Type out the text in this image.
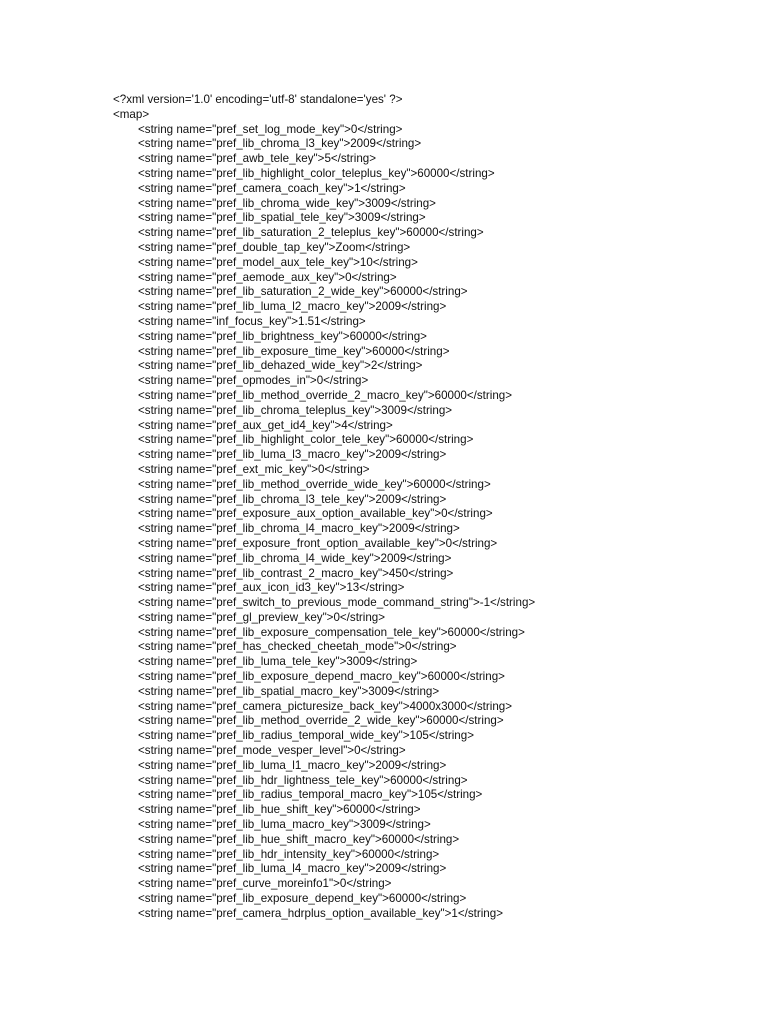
<?xml version='1.0' encoding='utf-8' standalone='yes' ?>
<map>
<string name="pref_set_log_mode_key">0</string>
<string name="pref_lib_chroma_l3_key">2009</string>
<string name="pref_awb_tele_key">5</string>
<string name="pref_lib_highlight_color_teleplus_key">60000</string>
<string name="pref_camera_coach_key">1</string>
<string name="pref_lib_chroma_wide_key">3009</string>
<string name="pref_lib_spatial_tele_key">3009</string>
<string name="pref_lib_saturation_2_teleplus_key">60000</string>
<string name="pref_double_tap_key">Zoom</string>
<string name="pref_model_aux_tele_key">10</string>
<string name="pref_aemode_aux_key">0</string>
<string name="pref_lib_saturation_2_wide_key">60000</string>
<string name="pref_lib_luma_l2_macro_key">2009</string>
<string name="inf_focus_key">1.51</string>
<string name="pref_lib_brightness_key">60000</string>
<string name="pref_lib_exposure_time_key">60000</string>
<string name="pref_lib_dehazed_wide_key">2</string>
<string name="pref_opmodes_in">0</string>
<string name="pref_lib_method_override_2_macro_key">60000</string>
<string name="pref_lib_chroma_teleplus_key">3009</string>
<string name="pref_aux_get_id4_key">4</string>
<string name="pref_lib_highlight_color_tele_key">60000</string>
<string name="pref_lib_luma_l3_macro_key">2009</string>
<string name="pref_ext_mic_key">0</string>
<string name="pref_lib_method_override_wide_key">60000</string>
<string name="pref_lib_chroma_l3_tele_key">2009</string>
<string name="pref_exposure_aux_option_available_key">0</string>
<string name="pref_lib_chroma_l4_macro_key">2009</string>
<string name="pref_exposure_front_option_available_key">0</string>
<string name="pref_lib_chroma_l4_wide_key">2009</string>
<string name="pref_lib_contrast_2_macro_key">450</string>
<string name="pref_aux_icon_id3_key">13</string>
<string name="pref_switch_to_previous_mode_command_string">-1</string>
<string name="pref_gl_preview_key">0</string>
<string name="pref_lib_exposure_compensation_tele_key">60000</string>
<string name="pref_has_checked_cheetah_mode">0</string>
<string name="pref_lib_luma_tele_key">3009</string>
<string name="pref_lib_exposure_depend_macro_key">60000</string>
<string name="pref_lib_spatial_macro_key">3009</string>
<string name="pref_camera_picturesize_back_key">4000x3000</string>
<string name="pref_lib_method_override_2_wide_key">60000</string>
<string name="pref_lib_radius_temporal_wide_key">105</string>
<string name="pref_mode_vesper_level">0</string>
<string name="pref_lib_luma_l1_macro_key">2009</string>
<string name="pref_lib_hdr_lightness_tele_key">60000</string>
<string name="pref_lib_radius_temporal_macro_key">105</string>
<string name="pref_lib_hue_shift_key">60000</string>
<string name="pref_lib_luma_macro_key">3009</string>
<string name="pref_lib_hue_shift_macro_key">60000</string>
<string name="pref_lib_hdr_intensity_key">60000</string>
<string name="pref_lib_luma_l4_macro_key">2009</string>
<string name="pref_curve_moreinfo1">0</string>
<string name="pref_lib_exposure_depend_key">60000</string>
<string name="pref_camera_hdrplus_option_available_key">1</string>
